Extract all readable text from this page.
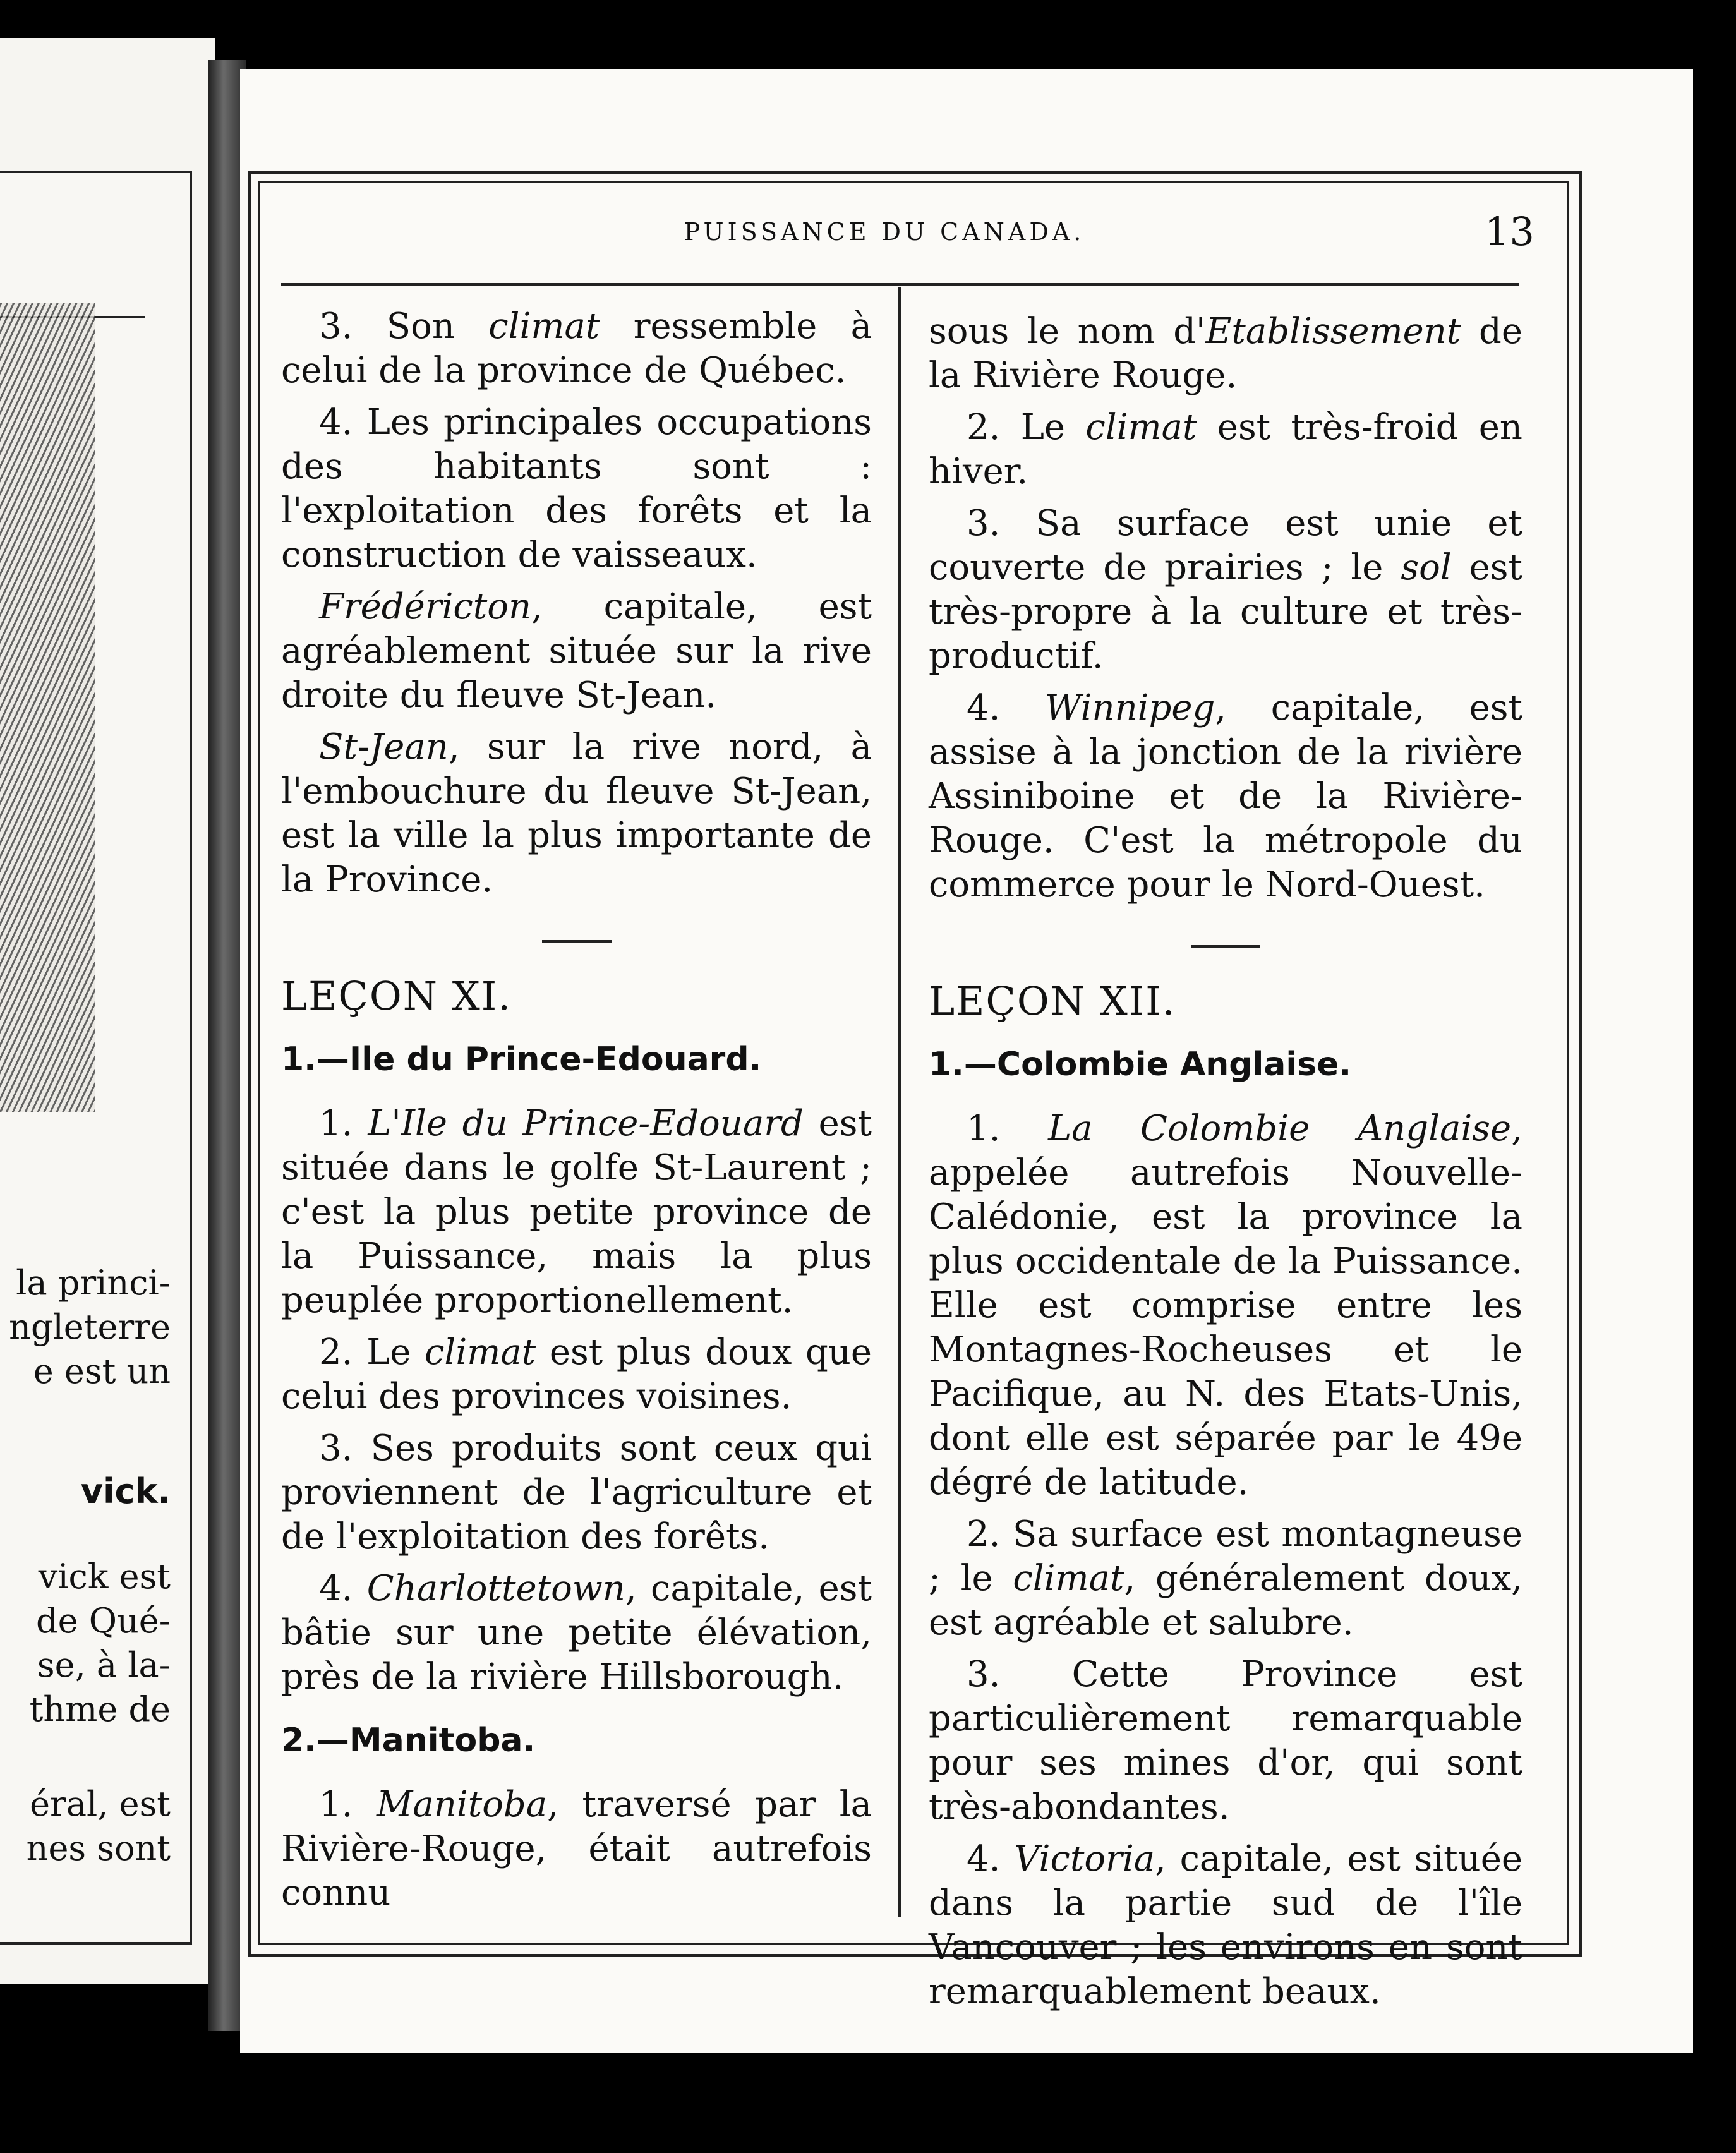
la princi-
ngleterre
e est un
vick.
vick est
de Qué-
se, à la-
thme de
éral, est
nes sont
PUISSANCE DU CANADA.	13

3. Son climat ressemble à celui de la province de Québec.

4. Les principales occupations des habitants sont : l'exploitation des forêts et la construction de vaisseaux.

Frédéricton, capitale, est agréablement située sur la rive droite du fleuve St-Jean.

St-Jean, sur la rive nord, à l'embouchure du fleuve St-Jean, est la ville la plus importante de la Province.

LEÇON XI.

1.—Ile du Prince-Edouard.

1. L'Ile du Prince-Edouard est située dans le golfe St-Laurent ; c'est la plus petite province de la Puissance, mais la plus peuplée proportionellement.

2. Le climat est plus doux que celui des provinces voisines.

3. Ses produits sont ceux qui proviennent de l'agriculture et de l'exploitation des forêts.

4. Charlottetown, capitale, est bâtie sur une petite élévation, près de la rivière Hillsborough.

2.—Manitoba.

1. Manitoba, traversé par la Rivière-Rouge, était autrefois connu

sous le nom d'Etablissement de la Rivière Rouge.

2. Le climat est très-froid en hiver.

3. Sa surface est unie et couverte de prairies ; le sol est très-propre à la culture et très-productif.

4. Winnipeg, capitale, est assise à la jonction de la rivière Assiniboine et de la Rivière-Rouge. C'est la métropole du commerce pour le Nord-Ouest.

LEÇON XII.

1.—Colombie Anglaise.

1. La Colombie Anglaise, appelée autrefois Nouvelle-Calédonie, est la province la plus occidentale de la Puissance. Elle est comprise entre les Montagnes-Rocheuses et le Pacifique, au N. des Etats-Unis, dont elle est séparée par le 49e dégré de latitude.

2. Sa surface est montagneuse ; le climat, généralement doux, est agréable et salubre.

3. Cette Province est particulièrement remarquable pour ses mines d'or, qui sont très-abondantes.

4. Victoria, capitale, est située dans la partie sud de l'île Vancouver ; les environs en sont remarquablement beaux.
